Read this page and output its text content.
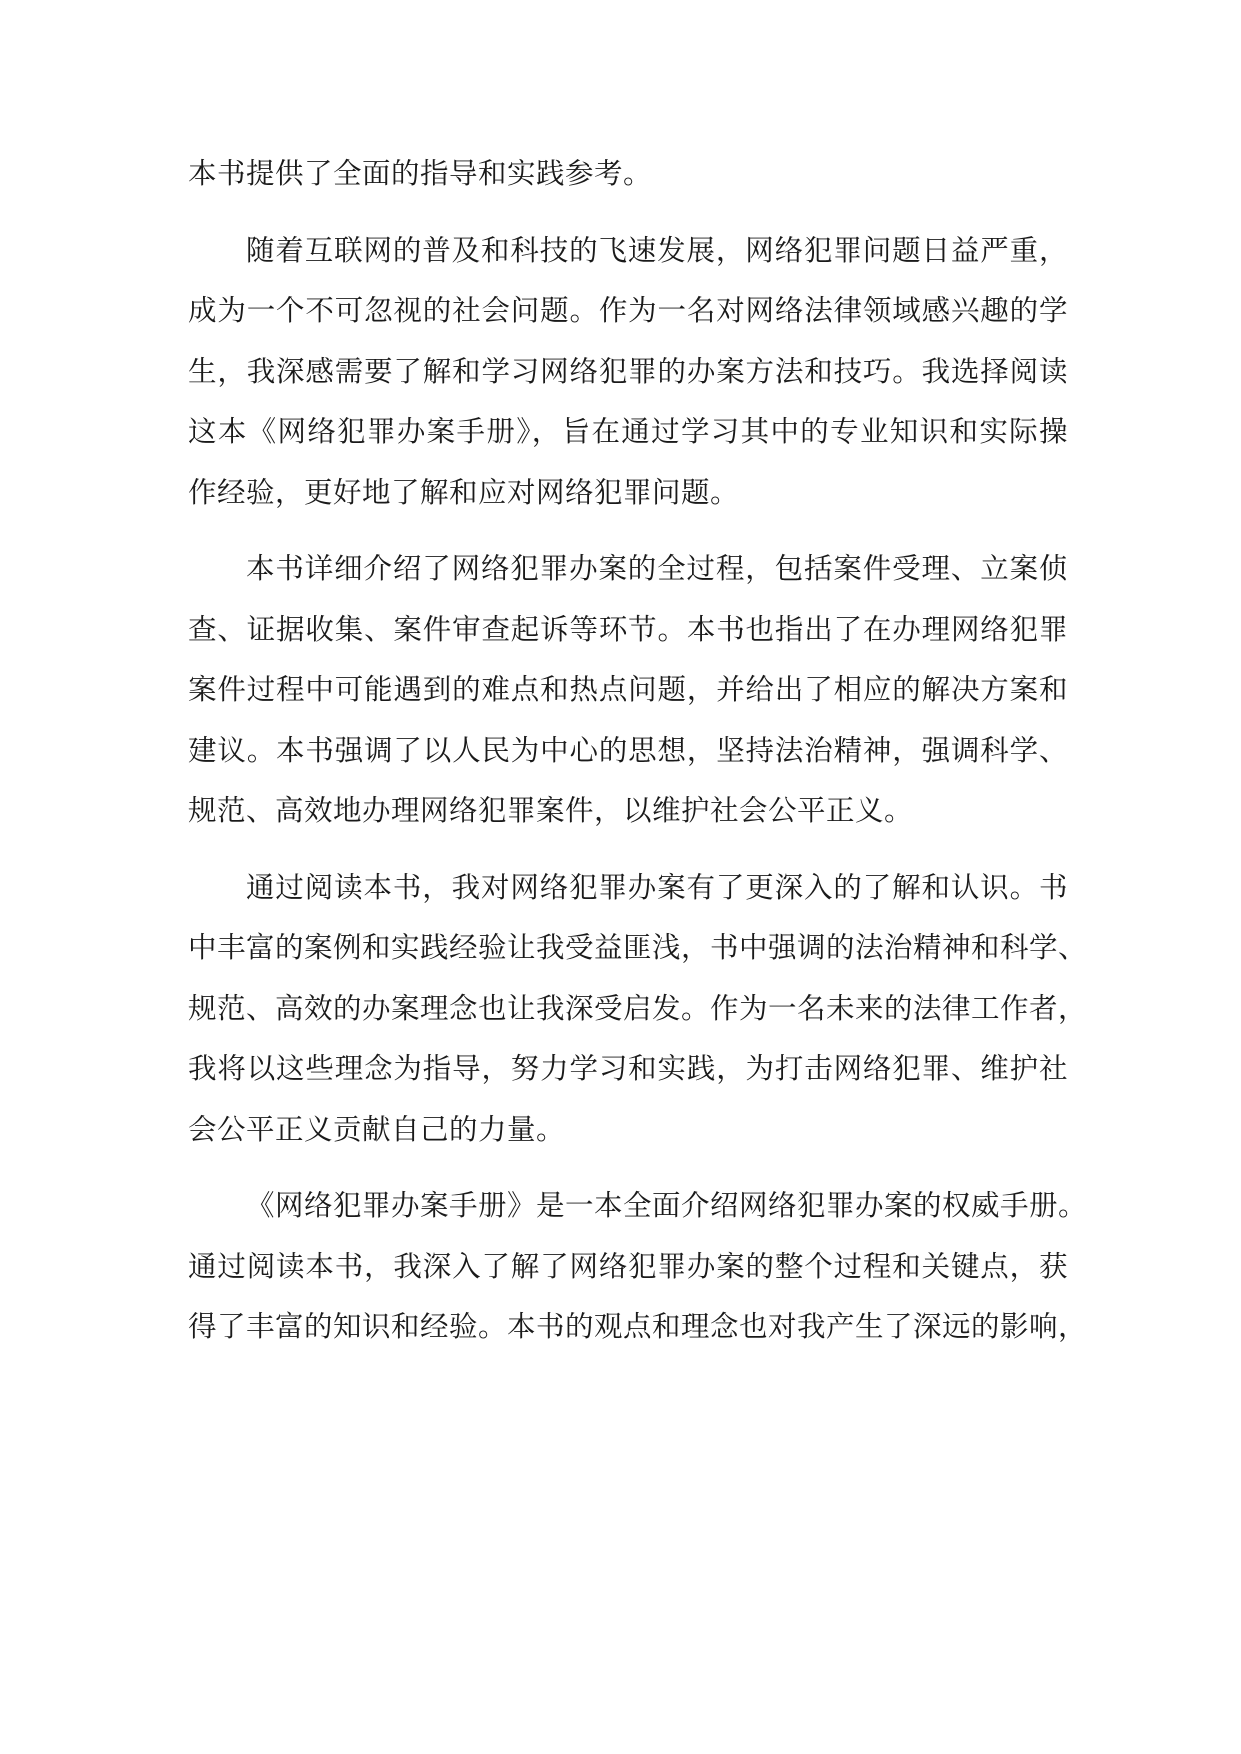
本书提供了全面的指导和实践参考。
随着互联网的普及和科技的飞速发展，网络犯罪问题日益严重，
成为一个不可忽视的社会问题。作为一名对网络法律领域感兴趣的学
生，我深感需要了解和学习网络犯罪的办案方法和技巧。我选择阅读
这本《网络犯罪办案手册》，旨在通过学习其中的专业知识和实际操
作经验，更好地了解和应对网络犯罪问题。
本书详细介绍了网络犯罪办案的全过程，包括案件受理、立案侦
查、证据收集、案件审查起诉等环节。本书也指出了在办理网络犯罪
案件过程中可能遇到的难点和热点问题，并给出了相应的解决方案和
建议。本书强调了以人民为中心的思想，坚持法治精神，强调科学、
规范、高效地办理网络犯罪案件，以维护社会公平正义。
通过阅读本书，我对网络犯罪办案有了更深入的了解和认识。书
中丰富的案例和实践经验让我受益匪浅，书中强调的法治精神和科学、
规范、高效的办案理念也让我深受启发。作为一名未来的法律工作者，
我将以这些理念为指导，努力学习和实践，为打击网络犯罪、维护社
会公平正义贡献自己的力量。
《网络犯罪办案手册》是一本全面介绍网络犯罪办案的权威手册。
通过阅读本书，我深入了解了网络犯罪办案的整个过程和关键点，获
得了丰富的知识和经验。本书的观点和理念也对我产生了深远的影响，
